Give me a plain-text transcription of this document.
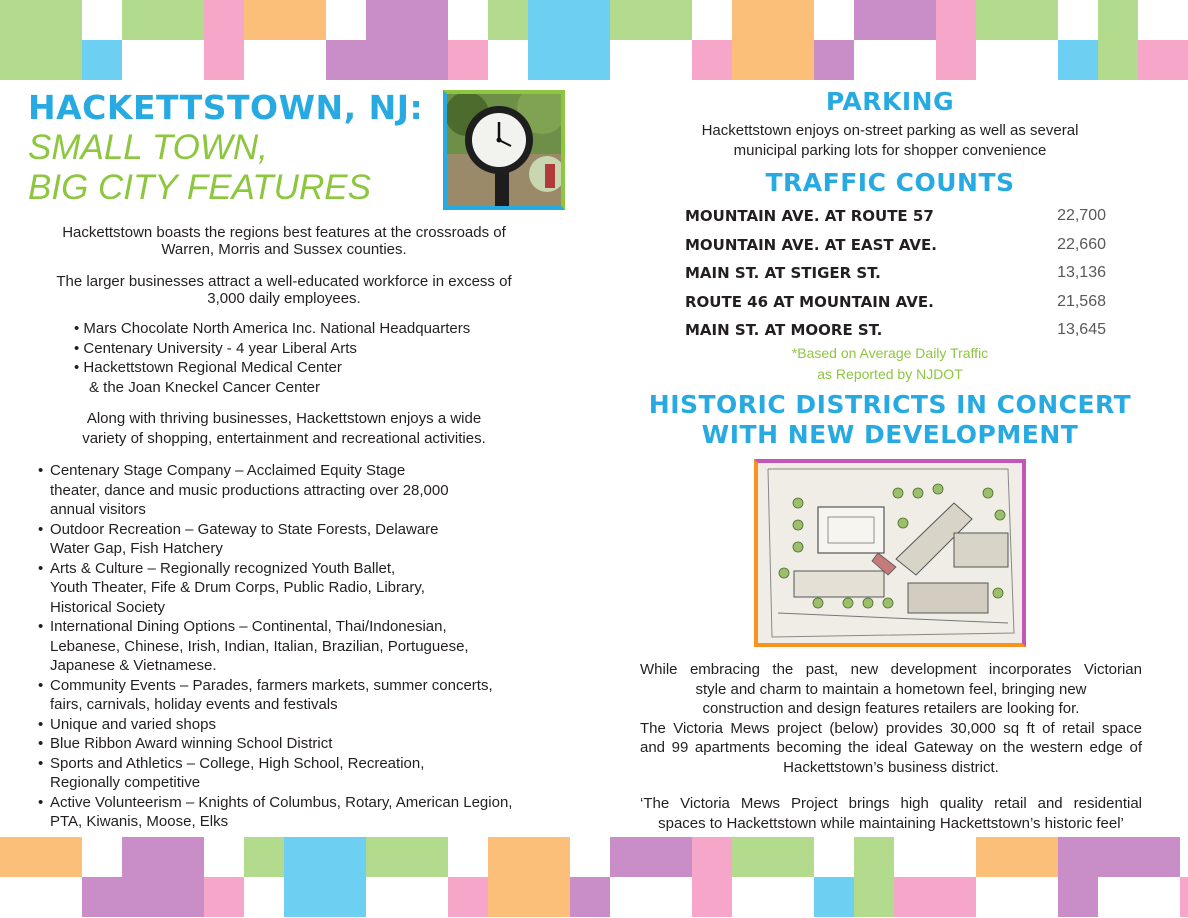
HACKETTSTOWN, NJ:
SMALL TOWN,
BIG CITY FEATURES

Hackettstown boasts the regions best features at the crossroads of Warren, Morris and Sussex counties.

The larger businesses attract a well-educated workforce in excess of 3,000 daily employees.

• Mars Chocolate North America Inc. National Headquarters
• Centenary University - 4 year Liberal Arts
• Hackettstown Regional Medical Center
& the Joan Kneckel Cancer Center

Along with thriving businesses, Hackettstown enjoys a wide variety of shopping, entertainment and recreational activities.

• Centenary Stage Company – Acclaimed Equity Stage
theater, dance and music productions attracting over 28,000
annual visitors
• Outdoor Recreation – Gateway to State Forests, Delaware
Water Gap, Fish Hatchery
• Arts & Culture – Regionally recognized Youth Ballet,
Youth Theater, Fife & Drum Corps, Public Radio, Library,
Historical Society
• International Dining Options – Continental, Thai/Indonesian,
Lebanese, Chinese, Irish, Indian, Italian, Brazilian, Portuguese,
Japanese & Vietnamese.
• Community Events – Parades, farmers markets, summer concerts,
fairs, carnivals, holiday events and festivals
• Unique and varied shops
• Blue Ribbon Award winning School District
• Sports and Athletics – College, High School, Recreation,
Regionally competitive
• Active Volunteerism – Knights of Columbus, Rotary, American Legion,
PTA, Kiwanis, Moose, Elks
PARKING

Hackettstown enjoys on-street parking as well as several

municipal parking lots for shopper convenience

TRAFFIC COUNTS
MOUNTAIN AVE. AT ROUTE 57	22,700
MOUNTAIN AVE. AT EAST AVE.	22,660
MAIN ST. AT STIGER ST.	13,136
ROUTE 46 AT MOUNTAIN AVE.	21,568
MAIN ST. AT MOORE ST.	13,645

*Based on Average Daily Traffic

as Reported by NJDOT

HISTORIC DISTRICTS IN CONCERT
WITH NEW DEVELOPMENT
While embracing the past, new development incorporates Victorian
style and charm to maintain a hometown feel, bringing new
construction and design features retailers are looking for.
The Victoria Mews project (below) provides 30,000 sq ft of retail space
and 99 apartments becoming the ideal Gateway on the western edge of
Hackettstown’s business district.
‘The Victoria Mews Project brings high quality retail and residential
spaces to Hackettstown while maintaining Hackettstown’s historic feel’
